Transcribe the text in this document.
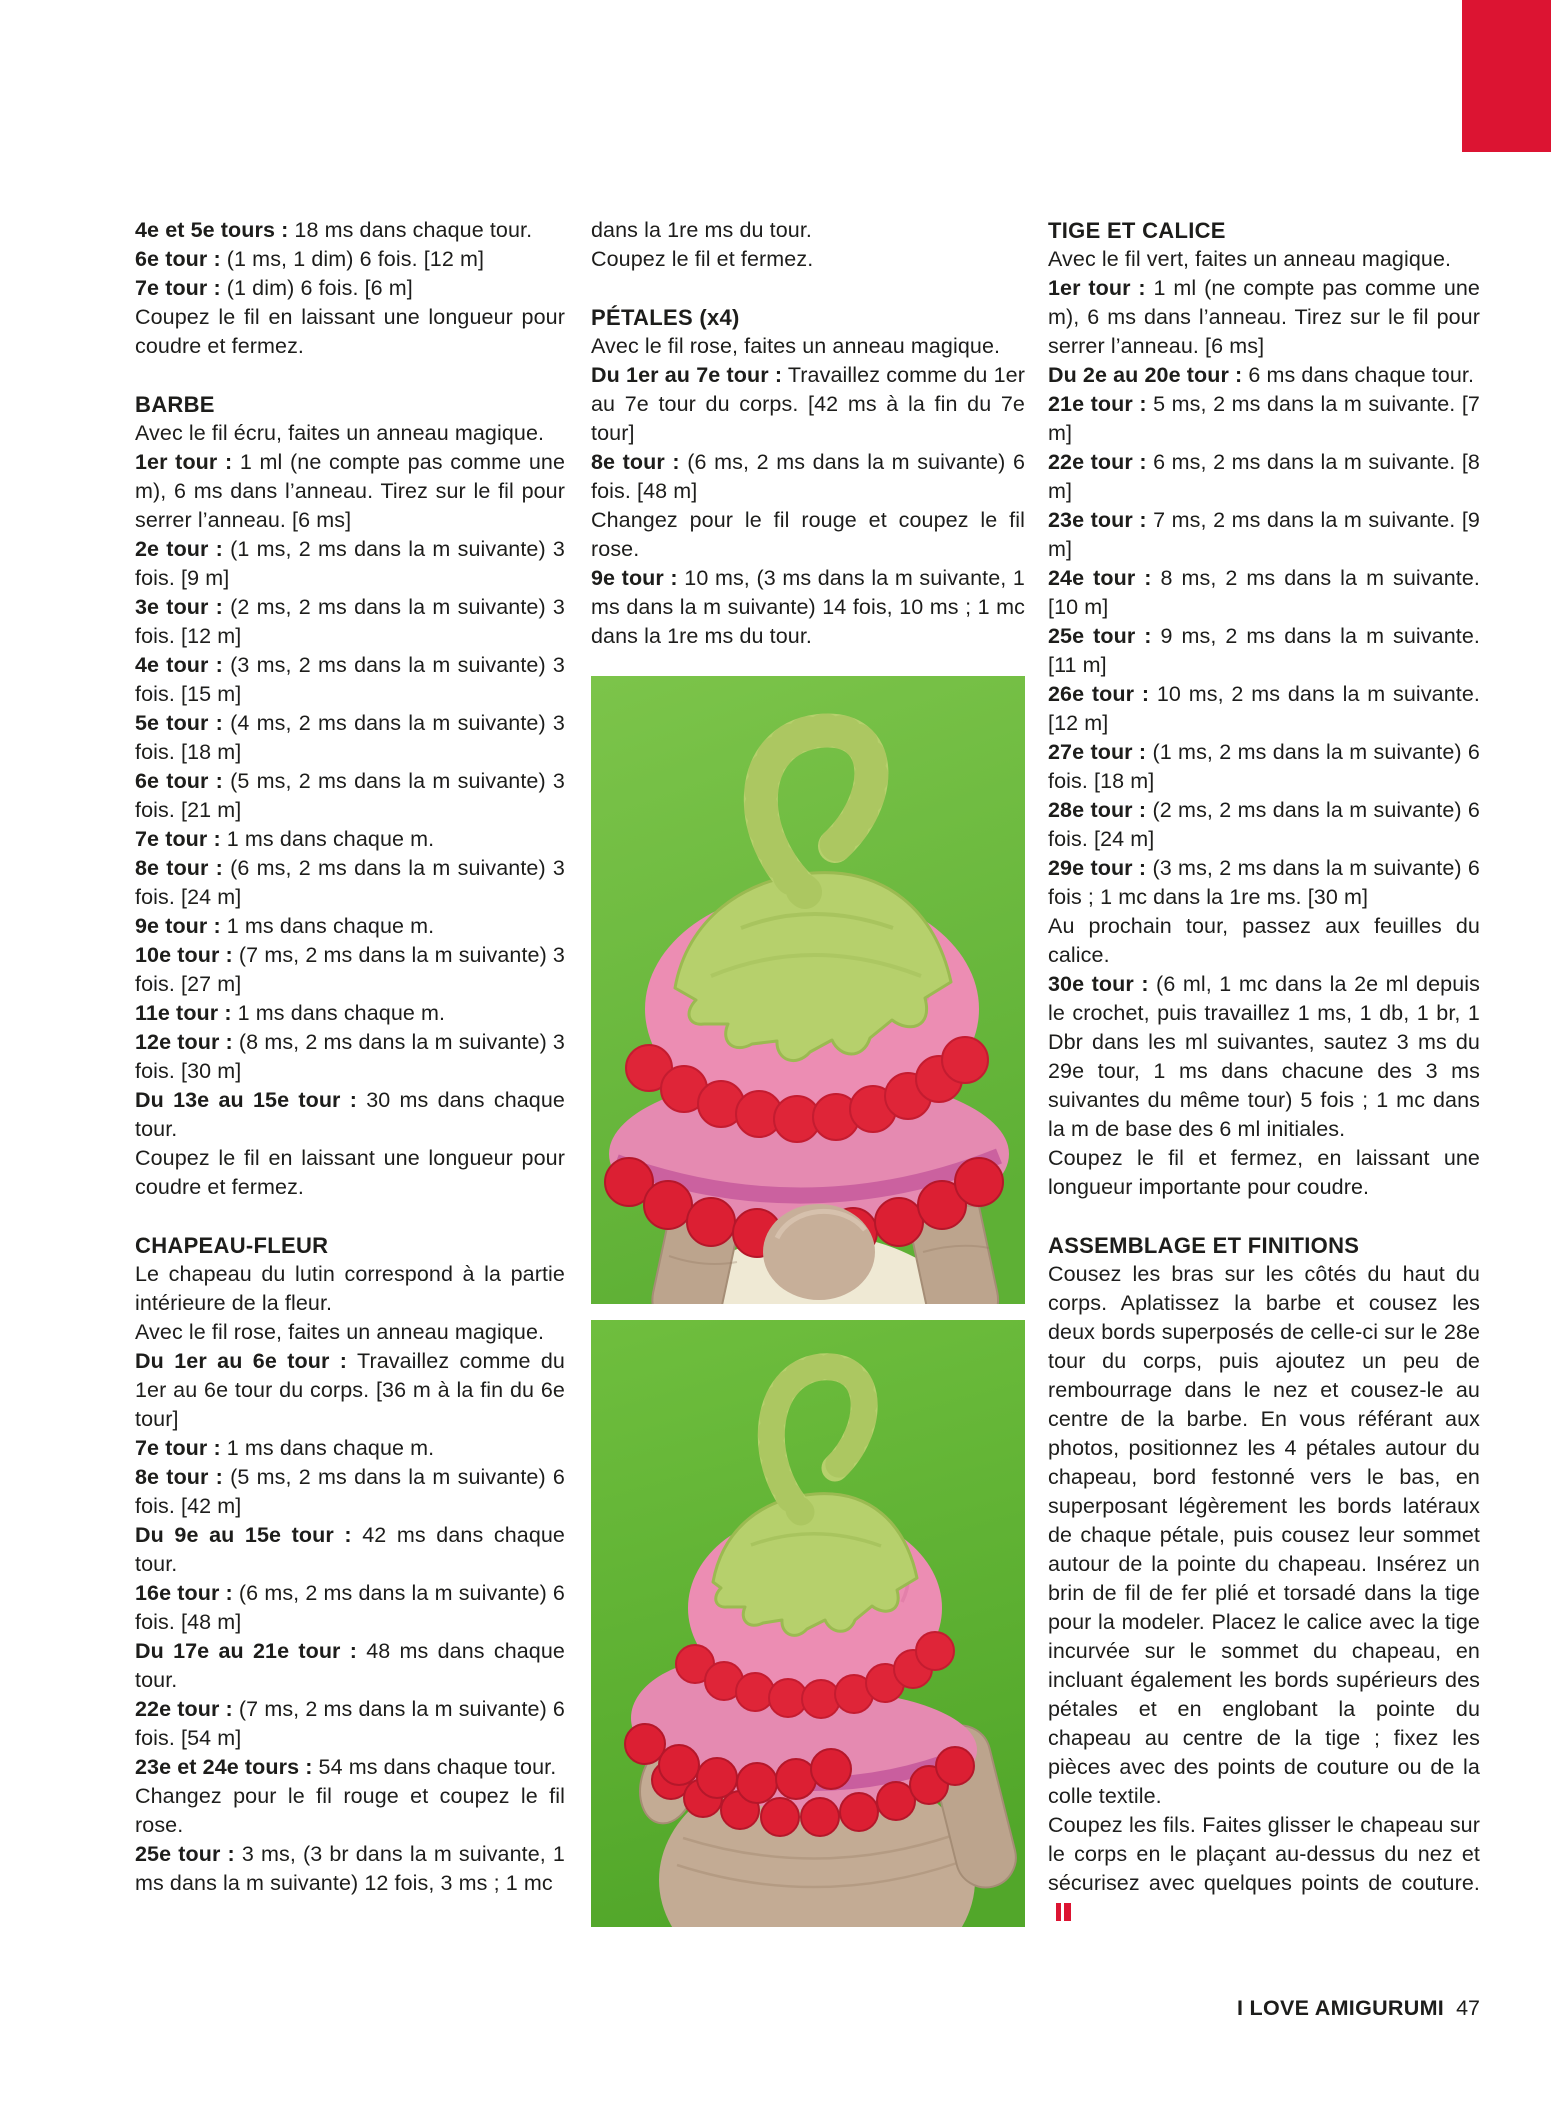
4e et 5e tours : 18 ms dans chaque tour.

6e tour : (1 ms, 1 dim) 6 fois. [12 m]

7e tour : (1 dim) 6 fois. [6 m]

Coupez le fil en laissant une longueur pour coudre et fermez.

BARBE

Avec le fil écru, faites un anneau magique.

1er tour : 1 ml (ne compte pas comme une m), 6 ms dans l’anneau. Tirez sur le fil pour serrer l’anneau. [6 ms]

2e tour : (1 ms, 2 ms dans la m suivante) 3 fois. [9 m]

3e tour : (2 ms, 2 ms dans la m suivante) 3 fois. [12 m]

4e tour : (3 ms, 2 ms dans la m suivante) 3 fois. [15 m]

5e tour : (4 ms, 2 ms dans la m suivante) 3 fois. [18 m]

6e tour : (5 ms, 2 ms dans la m suivante) 3 fois. [21 m]

7e tour : 1 ms dans chaque m.

8e tour : (6 ms, 2 ms dans la m suivante) 3 fois. [24 m]

9e tour : 1 ms dans chaque m.

10e tour : (7 ms, 2 ms dans la m suivante) 3 fois. [27 m]

11e tour : 1 ms dans chaque m.

12e tour : (8 ms, 2 ms dans la m suivante) 3 fois. [30 m]

Du 13e au 15e tour : 30 ms dans chaque tour.

Coupez le fil en laissant une longueur pour coudre et fermez.

CHAPEAU-FLEUR

Le chapeau du lutin correspond à la partie intérieure de la fleur.

Avec le fil rose, faites un anneau magique.

Du 1er au 6e tour : Travaillez comme du 1er au 6e tour du corps. [36 m à la fin du 6e tour]

7e tour : 1 ms dans chaque m.

8e tour : (5 ms, 2 ms dans la m suivante) 6 fois. [42 m]

Du 9e au 15e tour : 42 ms dans chaque tour.

16e tour : (6 ms, 2 ms dans la m suivante) 6 fois. [48 m]

Du 17e au 21e tour : 48 ms dans chaque tour.

22e tour : (7 ms, 2 ms dans la m suivante) 6 fois. [54 m]

23e et 24e tours : 54 ms dans chaque tour.

Changez pour le fil rouge et coupez le fil rose.

25e tour : 3 ms, (3 br dans la m suivante, 1 ms dans la m suivante) 12 fois, 3 ms ; 1 mc

dans la 1re ms du tour.

Coupez le fil et fermez.

PÉTALES (x4)

Avec le fil rose, faites un anneau magique.

Du 1er au 7e tour : Travaillez comme du 1er au 7e tour du corps. [42 ms à la fin du 7e tour]

8e tour : (6 ms, 2 ms dans la m suivante) 6 fois. [48 m]

Changez pour le fil rouge et coupez le fil rose.

9e tour : 10 ms, (3 ms dans la m suivante, 1 ms dans la m suivante) 14 fois, 10 ms ; 1 mc dans la 1re ms du tour.

TIGE ET CALICE

Avec le fil vert, faites un anneau magique.

1er tour : 1 ml (ne compte pas comme une m), 6 ms dans l’anneau. Tirez sur le fil pour serrer l’anneau. [6 ms]

Du 2e au 20e tour : 6 ms dans chaque tour.

21e tour : 5 ms, 2 ms dans la m suivante. [7 m]

22e tour : 6 ms, 2 ms dans la m suivante. [8 m]

23e tour : 7 ms, 2 ms dans la m suivante. [9 m]

24e tour : 8 ms, 2 ms dans la m suivante. [10 m]

25e tour : 9 ms, 2 ms dans la m suivante. [11 m]

26e tour : 10 ms, 2 ms dans la m suivante. [12 m]

27e tour : (1 ms, 2 ms dans la m suivante) 6 fois. [18 m]

28e tour : (2 ms, 2 ms dans la m suivante) 6 fois. [24 m]

29e tour : (3 ms, 2 ms dans la m suivante) 6 fois ; 1 mc dans la 1re ms. [30 m]

Au prochain tour, passez aux feuilles du calice.

30e tour : (6 ml, 1 mc dans la 2e ml depuis le crochet, puis travaillez 1 ms, 1 db, 1 br, 1 Dbr dans les ml suivantes, sautez 3 ms du 29e tour, 1 ms dans chacune des 3 ms suivantes du même tour) 5 fois ; 1 mc dans la m de base des 6 ml initiales.

Coupez le fil et fermez, en laissant une longueur importante pour coudre.

ASSEMBLAGE ET FINITIONS

Cousez les bras sur les côtés du haut du corps. Aplatissez la barbe et cousez les deux bords superposés de celle-ci sur le 28e tour du corps, puis ajoutez un peu de rembourrage dans le nez et cousez-le au centre de la barbe. En vous référant aux photos, positionnez les 4 pétales autour du chapeau, bord festonné vers le bas, en superposant légèrement les bords latéraux de chaque pétale, puis cousez leur sommet autour de la pointe du chapeau. Insérez un brin de fil de fer plié et torsadé dans la tige pour la modeler. Placez le calice avec la tige incurvée sur le sommet du chapeau, en incluant également les bords supérieurs des pétales et en englobant la pointe du chapeau au centre de la tige ; fixez les pièces avec des points de couture ou de la colle textile.

Coupez les fils. Faites glisser le chapeau sur le corps en le plaçant au-dessus du nez et sécurisez avec quelques points de couture.

I LOVE AMIGURUMI 47
